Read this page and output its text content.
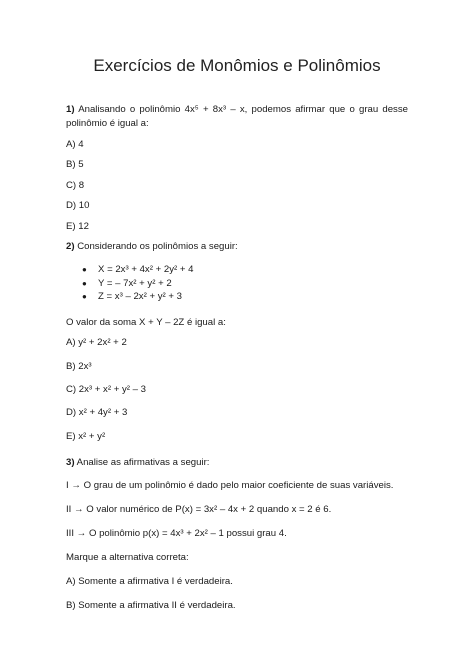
Exercícios de Monômios e Polinômios
1) Analisando o polinômio 4x⁵ + 8x³ – x, podemos afirmar que o grau desse
polinômio é igual a:
A) 4
B) 5
C) 8
D) 10
E) 12
2) Considerando os polinômios a seguir:
● X = 2x³ + 4x² + 2y² + 4
● Y = – 7x² + y² + 2
● Z = x³ – 2x² + y² + 3
O valor da soma X + Y – 2Z é igual a:
A) y² + 2x² + 2
B) 2x³
C) 2x³ + x² + y² – 3
D) x² + 4y² + 3
E) x² + y²
3) Analise as afirmativas a seguir:
I → O grau de um polinômio é dado pelo maior coeficiente de suas variáveis.
II → O valor numérico de P(x) = 3x² – 4x + 2 quando x = 2 é 6.
III → O polinômio p(x) = 4x³ + 2x² – 1 possui grau 4.
Marque a alternativa correta:
A) Somente a afirmativa I é verdadeira.
B) Somente a afirmativa II é verdadeira.
